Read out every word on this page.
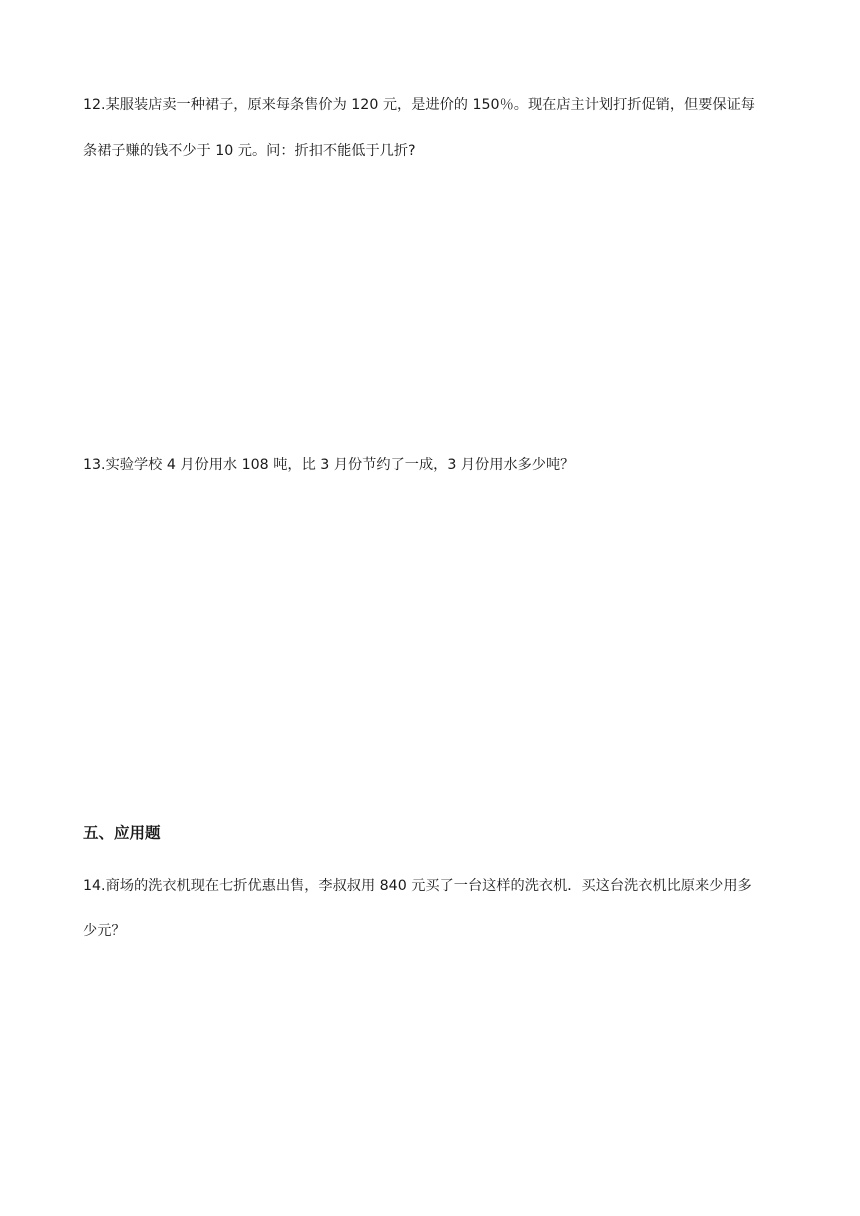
12.某服装店卖一种裙子，原来每条售价为 120 元，是进价的 150％。现在店主计划打折促销，但要保证每
条裙子赚的钱不少于 10 元。问：折扣不能低于几折?
13.实验学校 4 月份用水 108 吨，比 3 月份节约了一成，3 月份用水多少吨？
五、应用题
14.商场的洗衣机现在七折优惠出售，李叔叔用 840 元买了一台这样的洗衣机．买这台洗衣机比原来少用多
少元？
